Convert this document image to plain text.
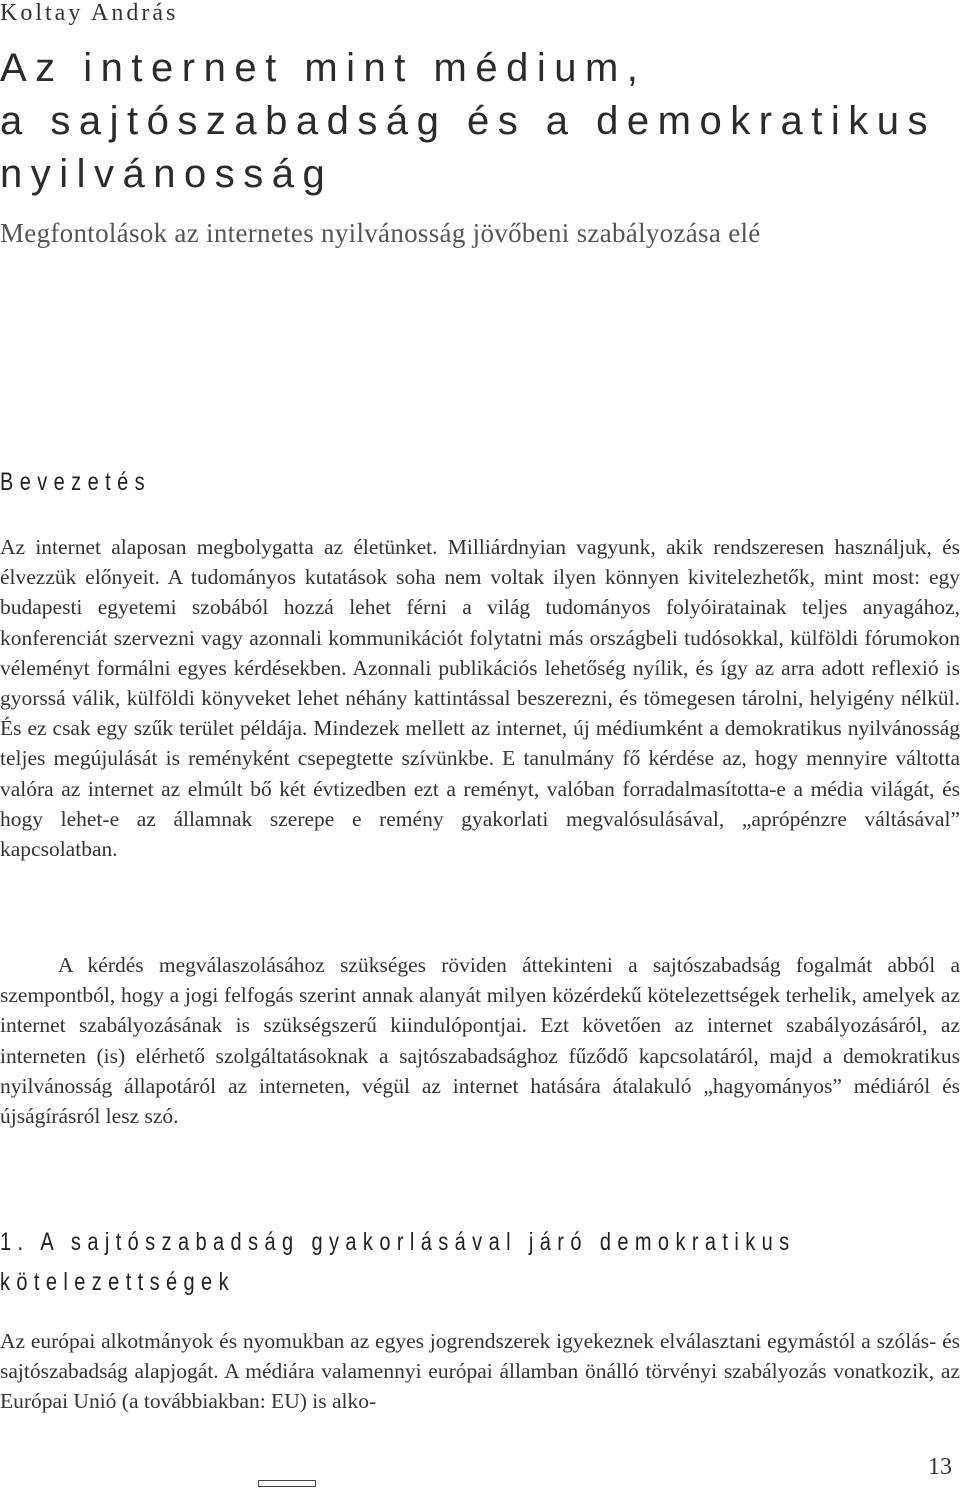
Koltay András

Az internet mint médium,
a sajtószabadság és a demokratikus
nyilvánosság

Megfontolások az internetes nyilvánosság jövőbeni szabályozása elé

Bevezetés

Az internet alaposan megbolygatta az életünket. Milliárdnyian vagyunk, akik rendszeresen használjuk, és élvezzük előnyeit. A tudományos kutatások soha nem voltak ilyen könnyen kivitelezhetők, mint most: egy budapesti egyetemi szobából hozzá lehet férni a világ tudományos folyóiratainak teljes anyagához, konferenciát szervezni vagy azonnali kommunikációt folytatni más országbeli tudósokkal, külföldi fórumokon véleményt formálni egyes kérdésekben. Azonnali publikációs lehetőség nyílik, és így az arra adott reflexió is gyorssá válik, külföldi könyveket lehet néhány kattintással beszerezni, és tömegesen tárolni, helyigény nélkül. És ez csak egy szűk terület példája. Mindezek mellett az internet, új médiumként a demokratikus nyilvánosság teljes megújulását is reményként csepegtette szívünkbe. E tanulmány fő kérdése az, hogy mennyire váltotta valóra az internet az elmúlt bő két évtizedben ezt a reményt, valóban forradalmasította-e a média világát, és hogy lehet-e az államnak szerepe e remény gyakorlati megvalósulásával, „aprópénzre váltásával” kapcsolatban.

A kérdés megválaszolásához szükséges röviden áttekinteni a sajtószabadság fogalmát abból a szempontból, hogy a jogi felfogás szerint annak alanyát milyen közérdekű kötelezettségek terhelik, amelyek az internet szabályozásának is szükségszerű kiindulópontjai. Ezt követően az internet szabályozásáról, az interneten (is) elérhető szolgáltatásoknak a sajtószabadsághoz fűződő kapcsolatáról, majd a demokratikus nyilvánosság állapotáról az interneten, végül az internet hatására átalakuló „hagyományos” médiáról és újságírásról lesz szó.

1. A sajtószabadság gyakorlásával járó demokratikus
kötelezettségek

Az európai alkotmányok és nyomukban az egyes jogrendszerek igyekeznek elválasztani egymástól a szólás- és sajtószabadság alapjogát. A médiára valamennyi európai államban önálló törvényi szabályozás vonatkozik, az Európai Unió (a továbbiakban: EU) is alko-

13
